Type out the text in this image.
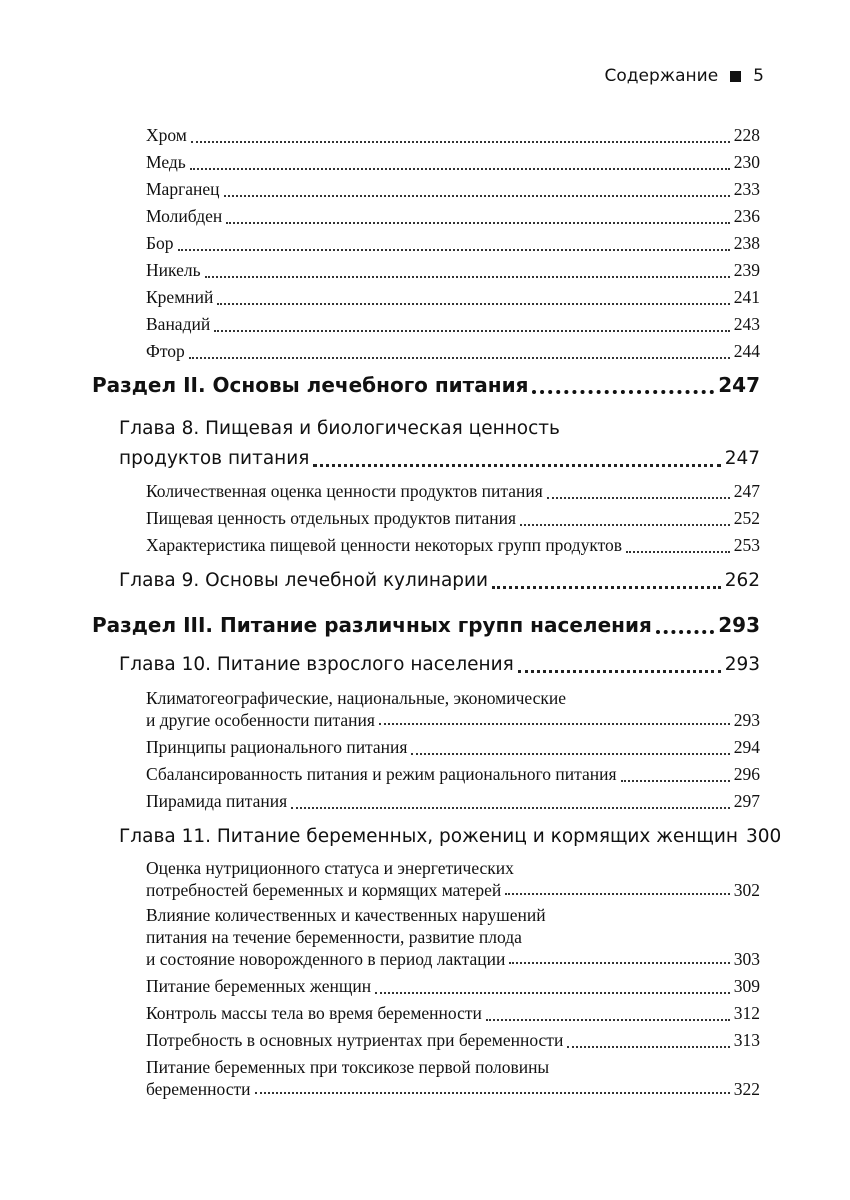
Содержание 5
Хром	228
Медь	230
Марганец	233
Молибден	236
Бор	238
Никель	239
Кремний	241
Ванадий	243
Фтор	244
Раздел II. Основы лечебного питания	247
Глава 8. Пищевая и биологическая ценность
продуктов питания	247
Количественная оценка ценности продуктов питания	247
Пищевая ценность отдельных продуктов питания	252
Характеристика пищевой ценности некоторых групп продуктов	253
Глава 9. Основы лечебной кулинарии	262
Раздел III. Питание различных групп населения	293
Глава 10. Питание взрослого населения	293
Климатогеографические, национальные, экономические
и другие особенности питания	293
Принципы рационального питания	294
Сбалансированность питания и режим рационального питания	296
Пирамида питания	297
Глава 11. Питание беременных, рожениц и кормящих женщин 300
Оценка нутриционного статуса и энергетических
потребностей беременных и кормящих матерей	302
Влияние количественных и качественных нарушений
питания на течение беременности, развитие плода
и состояние новорожденного в период лактации	303
Питание беременных женщин	309
Контроль массы тела во время беременности	312
Потребность в основных нутриентах при беременности	313
Питание беременных при токсикозе первой половины
беременности	322
